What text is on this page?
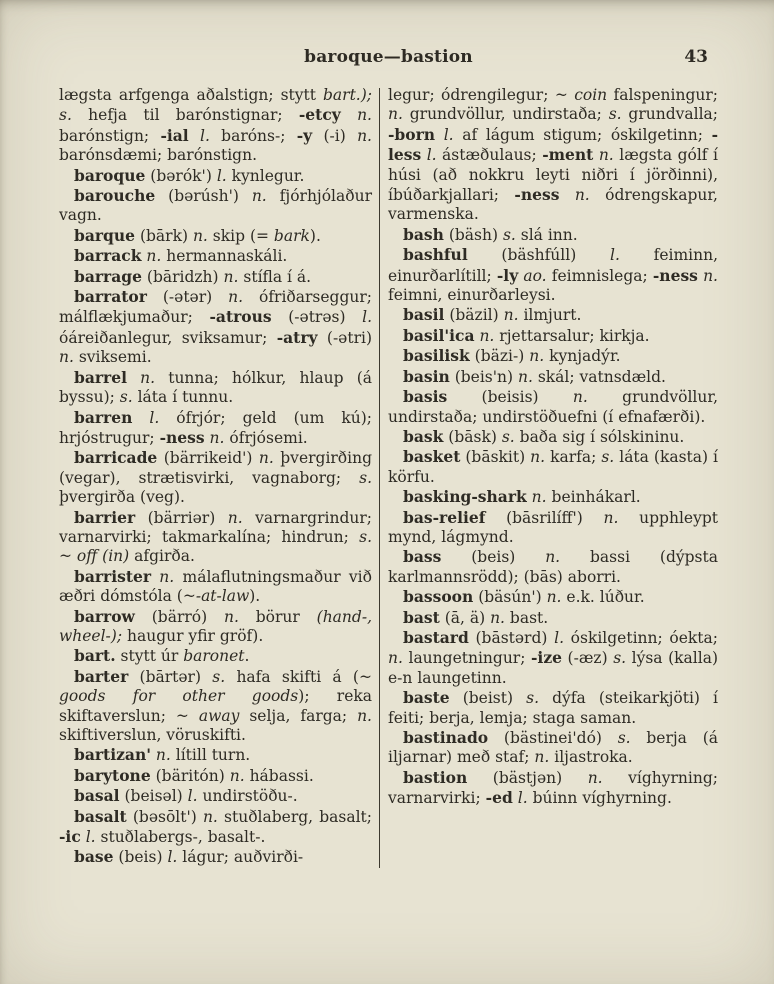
baroque—bastion	43

lægsta arfgenga aðalstign; stytt bart.); s. hefja til barónstignar; -etcy n. barónstign; -ial l. baróns-; -y (-i) n. barónsdæmi; barónstign.

baroque (bərók') l. kynlegur.

barouche (bərúsh') n. fjórhjólaður vagn.

barque (bārk) n. skip (= bark).

barrack n. hermannaskáli.

barrage (bāridzh) n. stífla í á.

barrator (-ətər) n. ófriðarseggur; málflækjumaður; -atrous (-ətrəs) l. óáreiðanlegur, sviksamur; -atry (-ətri) n. sviksemi.

barrel n. tunna; hólkur, hlaup (á byssu); s. láta í tunnu.

barren l. ófrjór; geld (um kú); hrjóstrugur; -ness n. ófrjósemi.

barricade (bärrikeid') n. þvergirðing (vegar), strætisvirki, vagnaborg; s. þvergirða (veg).

barrier (bärriər) n. varnargrindur; varnarvirki; takmarkalína; hindrun; s. ~ off (in) afgirða.

barrister n. málaflutningsmaður við æðri dómstóla (~-at-law).

barrow (bärró) n. börur (hand-, wheel-); haugur yfir gröf).

bart. stytt úr baronet.

barter (bārtər) s. hafa skifti á (~ goods for other goods); reka skiftaverslun; ~ away selja, farga; n. skiftiverslun, vöruskifti.

bartizan' n. lítill turn.

barytone (bäritón) n. hábassi.

basal (beisəl) l. undirstöðu-.

basalt (bəsōlt') n. stuðlaberg, basalt; -ic l. stuðlabergs-, basalt-.

base (beis) l. lágur; auðvirði-

legur; ódrengilegur; ~ coin falspeningur; n. grundvöllur, undirstaða; s. grundvalla; -born l. af lágum stigum; óskilgetinn; -less l. ástæðulaus; -ment n. lægsta gólf í húsi (að nokkru leyti niðri í jörðinni), íbúðarkjallari; -ness n. ódrengskapur, varmenska.

bash (bäsh) s. slá inn.

bashful (bäshfúll) l. feiminn, einurðarlítill; -ly ao. feimnislega; -ness n. feimni, einurðarleysi.

basil (bäzil) n. ilmjurt.

basil'ica n. rjettarsalur; kirkja.

basilisk (bäzi-) n. kynjadýr.

basin (beis'n) n. skál; vatnsdæld.

basis (beisis) n. grundvöllur, undirstaða; undirstöðuefni (í efnafærði).

bask (bāsk) s. baða sig í sólskininu.

basket (bāskit) n. karfa; s. láta (kasta) í körfu.

basking-shark n. beinhákarl.

bas-relief (bāsrilíff') n. upphleypt mynd, lágmynd.

bass (beis) n. bassi (dýpsta karlmannsrödd); (bās) aborri.

bassoon (bäsún') n. e.k. lúður.

bast (ā, ä) n. bast.

bastard (bāstərd) l. óskilgetinn; óekta; n. laungetningur; -ize (-æz) s. lýsa (kalla) e-n laungetinn.

baste (beist) s. dýfa (steikarkjöti) í feiti; berja, lemja; staga saman.

bastinado (bästinei'dó) s. berja (á iljarnar) með staf; n. iljastroka.

bastion (bästjən) n. víghyrning; varnarvirki; -ed l. búinn víghyrning.
